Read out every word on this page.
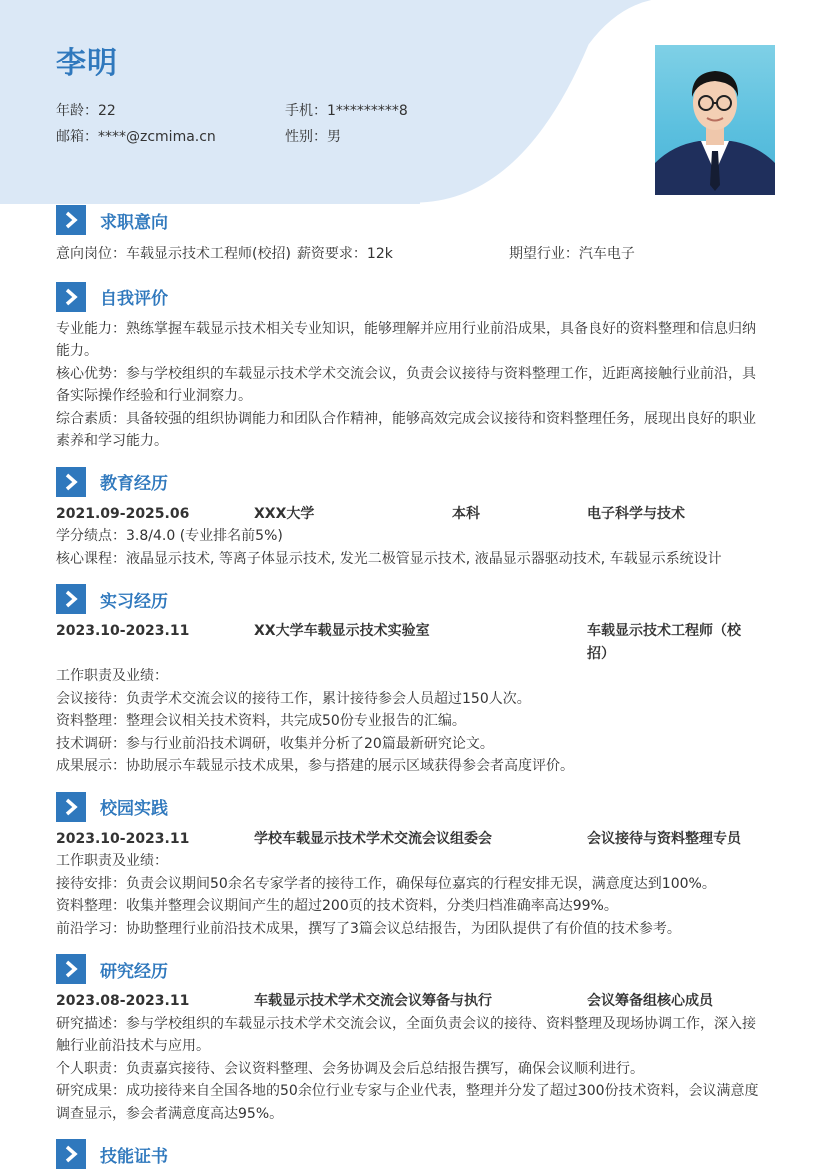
李明
年龄：22	手机：1*********8
邮箱：****@zcmima.cn	性别：男
求职意向
意向岗位：车载显示技术工程师(校招) 薪资要求：12k	期望行业：汽车电子
自我评价
专业能力：熟练掌握车载显示技术相关专业知识，能够理解并应用行业前沿成果，具备良好的资料整理和信息归纳能力。
核心优势：参与学校组织的车载显示技术学术交流会议，负责会议接待与资料整理工作，近距离接触行业前沿，具备实际操作经验和行业洞察力。
综合素质：具备较强的组织协调能力和团队合作精神，能够高效完成会议接待和资料整理任务，展现出良好的职业素养和学习能力。
教育经历
2021.09-2025.06	XXX大学	本科	电子科学与技术
学分绩点：3.8/4.0 (专业排名前5%)
核心课程：液晶显示技术, 等离子体显示技术, 发光二极管显示技术, 液晶显示器驱动技术, 车载显示系统设计
实习经历
2023.10-2023.11	XX大学车载显示技术实验室	车载显示技术工程师（校招）
工作职责及业绩：
会议接待：负责学术交流会议的接待工作，累计接待参会人员超过150人次。
资料整理：整理会议相关技术资料，共完成50份专业报告的汇编。
技术调研：参与行业前沿技术调研，收集并分析了20篇最新研究论文。
成果展示：协助展示车载显示技术成果，参与搭建的展示区域获得参会者高度评价。
校园实践
2023.10-2023.11	学校车载显示技术学术交流会议组委会	会议接待与资料整理专员
工作职责及业绩：
接待安排：负责会议期间50余名专家学者的接待工作，确保每位嘉宾的行程安排无误，满意度达到100%。
资料整理：收集并整理会议期间产生的超过200页的技术资料，分类归档准确率高达99%。
前沿学习：协助整理行业前沿技术成果，撰写了3篇会议总结报告，为团队提供了有价值的技术参考。
研究经历
2023.08-2023.11	车载显示技术学术交流会议筹备与执行	会议筹备组核心成员
研究描述：参与学校组织的车载显示技术学术交流会议，全面负责会议的接待、资料整理及现场协调工作，深入接触行业前沿技术与应用。
个人职责：负责嘉宾接待、会议资料整理、会务协调及会后总结报告撰写，确保会议顺利进行。
研究成果：成功接待来自全国各地的50余位行业专家与企业代表，整理并分发了超过300份技术资料，会议满意度调查显示，参会者满意度高达95%。
技能证书
